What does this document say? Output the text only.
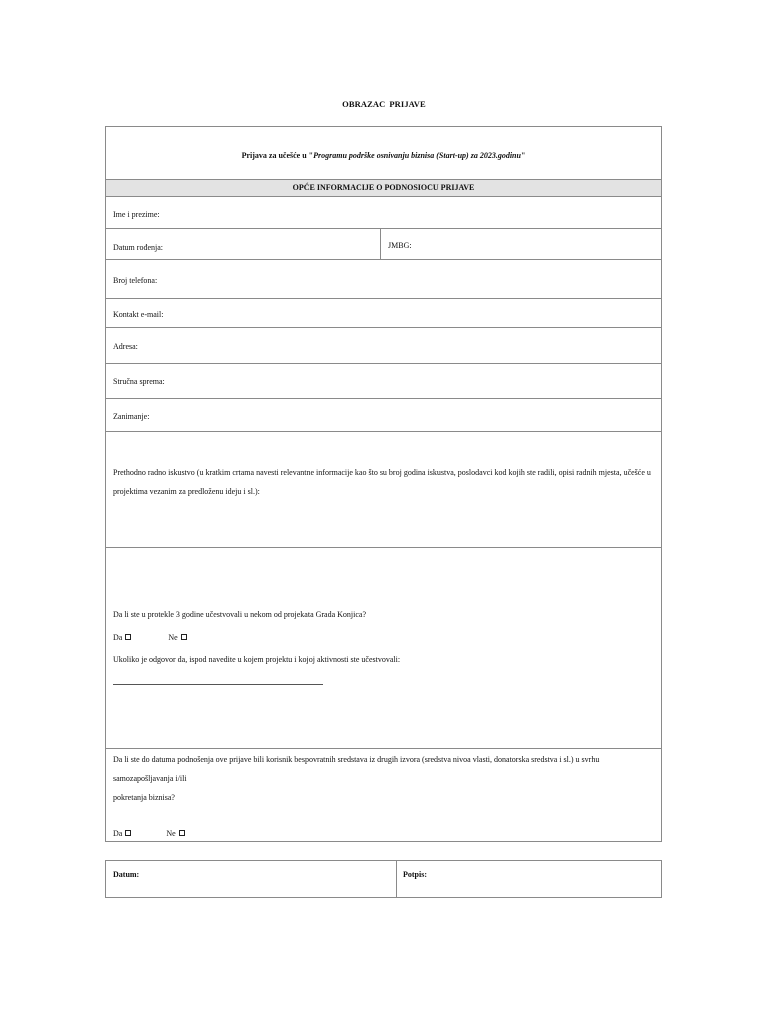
OBRAZAC PRIJAVE
Prijava za učešće u "Programu podrške osnivanju biznisa (Start-up) za 2023.godinu"
OPĆE INFORMACIJE O PODNOSIOCU PRIJAVE
Ime i prezime:
Datum rođenja:	JMBG:
Broj telefona:
Kontakt e-mail:
Adresa:
Stručna sprema:
Zanimanje:
Prethodno radno iskustvo (u kratkim crtama navesti relevantne informacije kao što su broj godina iskustva, poslodavci kod kojih ste radili, opisi radnih mjesta, učešće u
projektima vezanim za predloženu ideju i sl.):
Da li ste u protekle 3 godine učestvovali u nekom od projekata Grada Konjica?
Da	Ne
Ukoliko je odgovor da, ispod navedite u kojem projektu i kojoj aktivnosti ste učestvovali:
Da li ste do datuma podnošenja ove prijave bili korisnik bespovratnih sredstava iz drugih izvora (sredstva nivoa vlasti, donatorska sredstva i sl.) u svrhu
samozapošljavanja i/ili
pokretanja biznisa?
Da	Ne
Datum:	Potpis:
